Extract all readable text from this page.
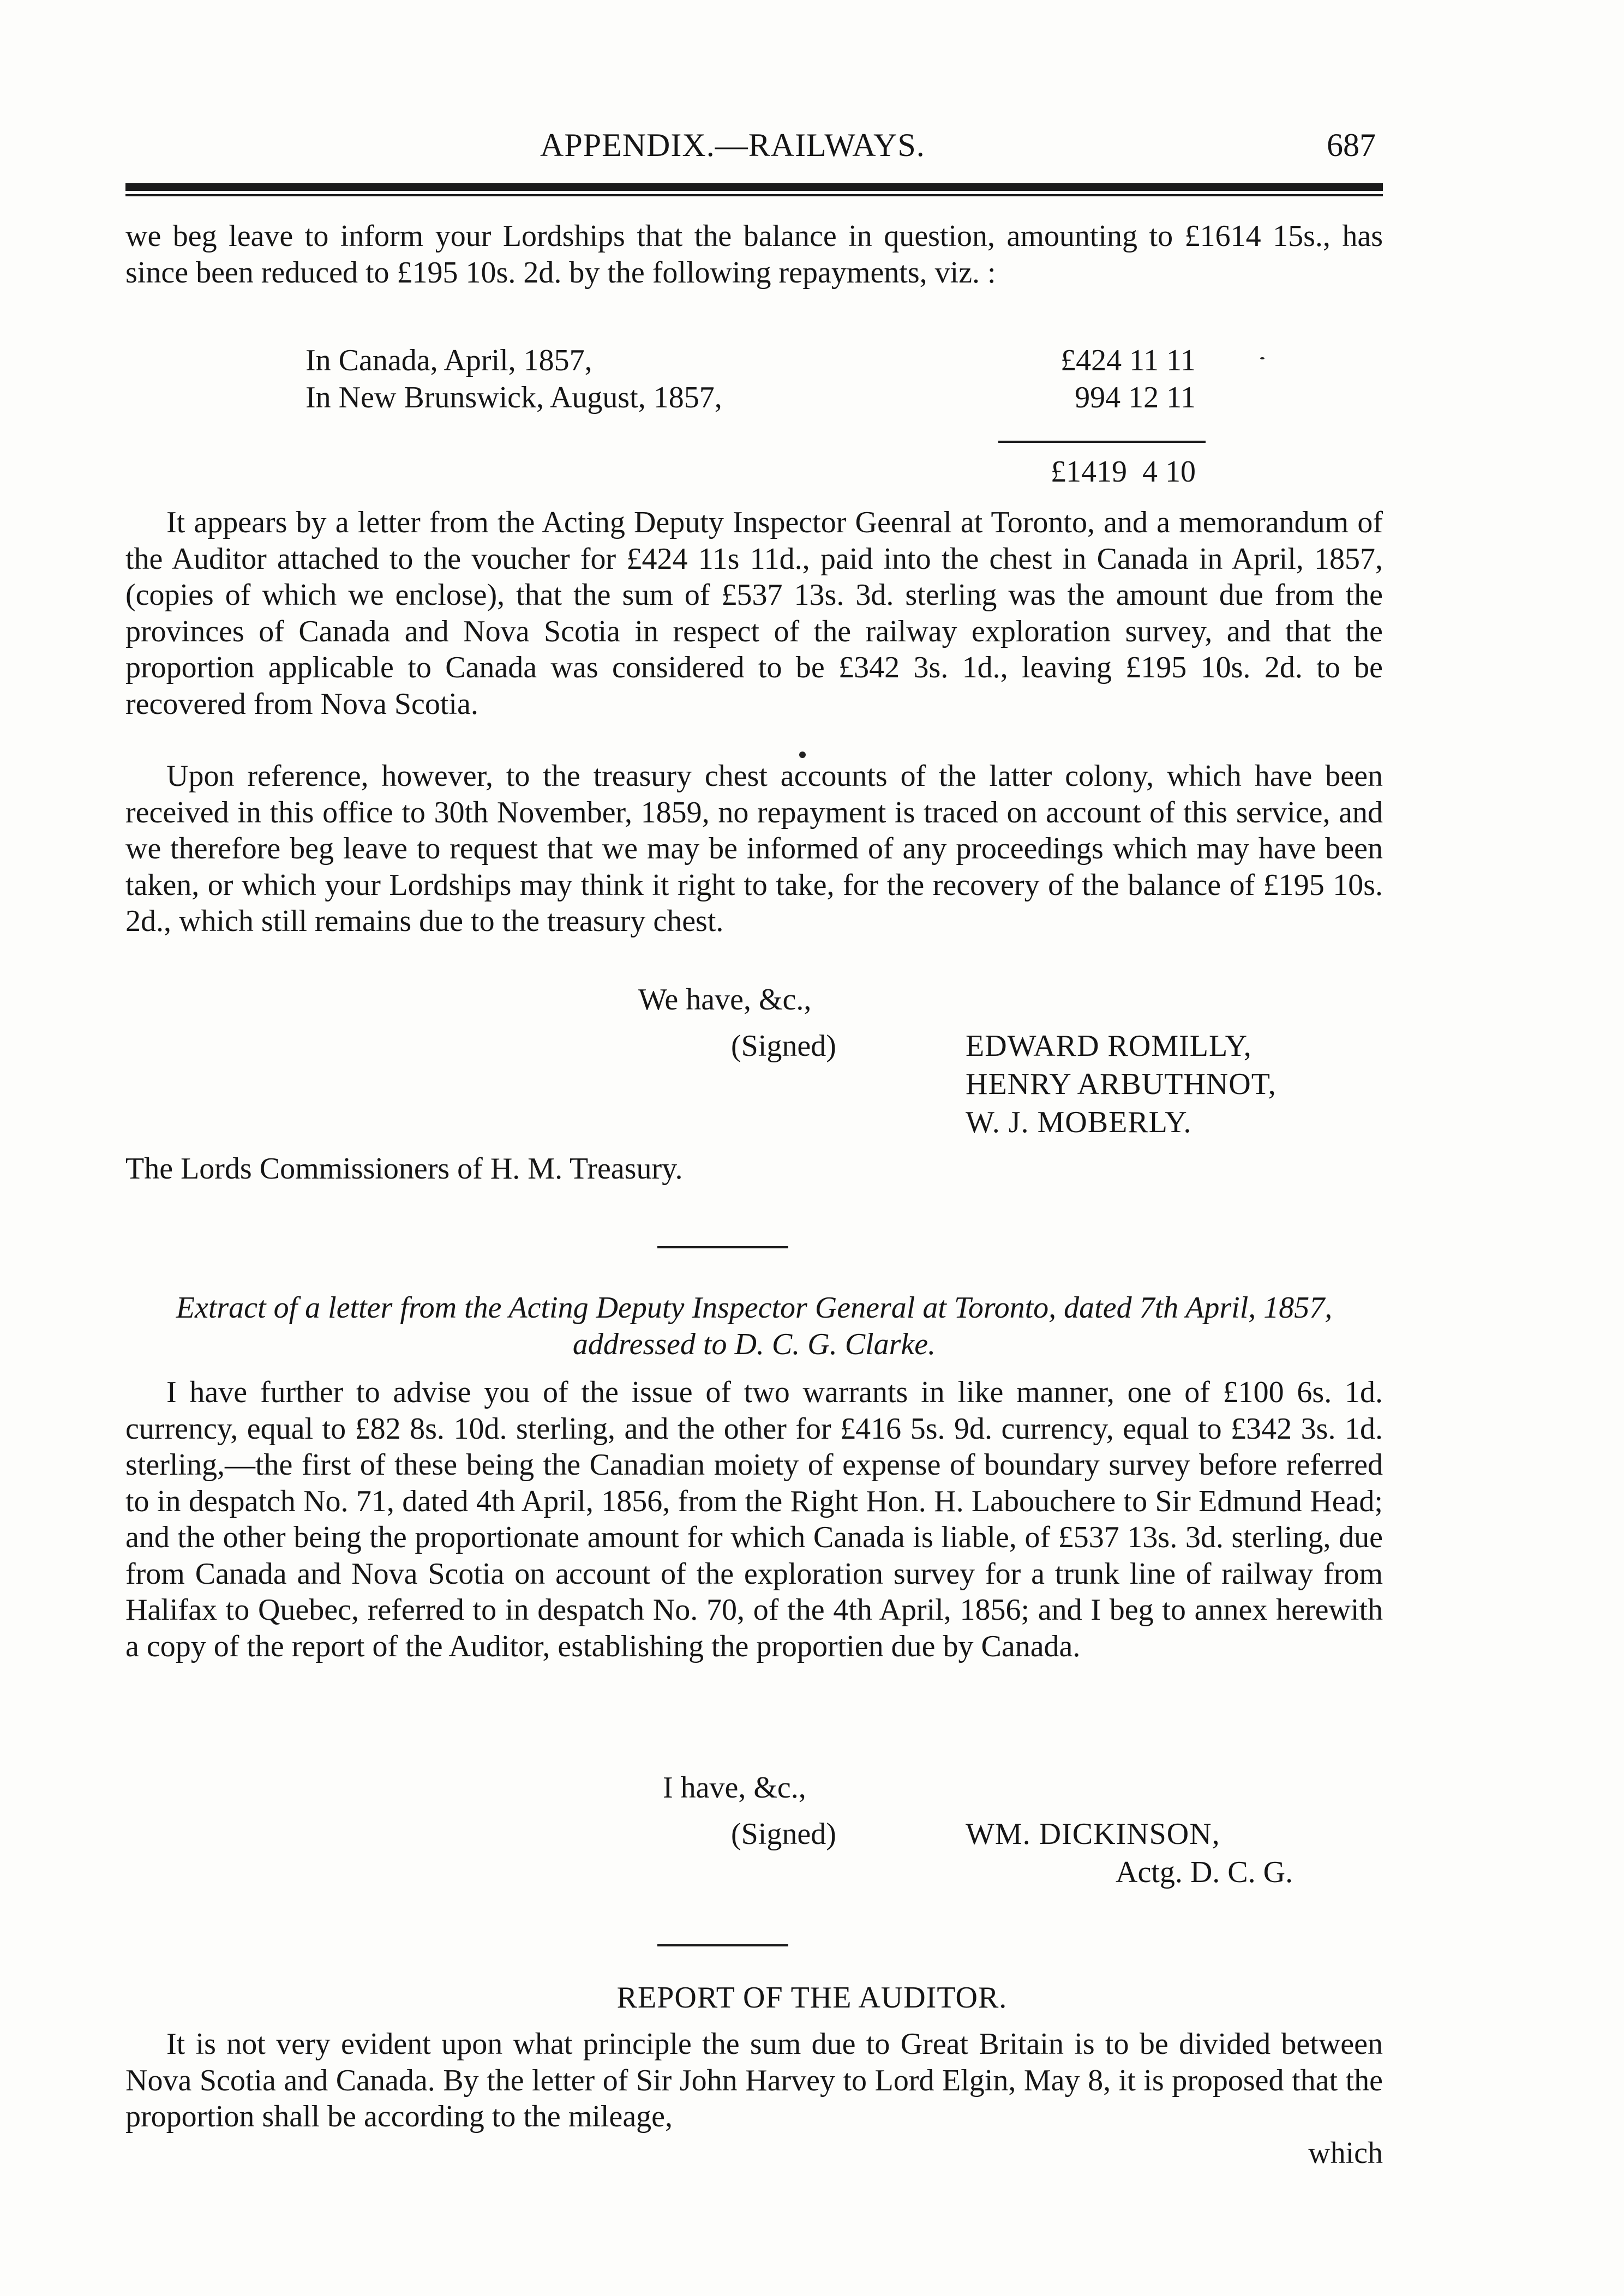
APPENDIX.—RAILWAYS.	687

we beg leave to inform your Lordships that the balance in question, amounting to £1614 15s., has since been reduced to £195 10s. 2d. by the following repayments, viz. :

In Canada, April, 1857,	£424 11 11
In New Brunswick, August, 1857,	994 12 11
£1419  4 10

It appears by a letter from the Acting Deputy Inspector Geenral at Toronto, and a memorandum of the Auditor attached to the voucher for £424 11s 11d., paid into the chest in Canada in April, 1857, (copies of which we enclose), that the sum of £537 13s. 3d. sterling was the amount due from the provinces of Canada and Nova Scotia in respect of the railway exploration survey, and that the proportion applicable to Canada was considered to be £342 3s. 1d., leaving £195 10s. 2d. to be recovered from Nova Scotia.

Upon reference, however, to the treasury chest accounts of the latter colony, which have been received in this office to 30th November, 1859, no repayment is traced on account of this service, and we therefore beg leave to request that we may be informed of any proceedings which may have been taken, or which your Lordships may think it right to take, for the recovery of the balance of £195 10s. 2d., which still remains due to the treasury chest.

We have, &c.,
(Signed)	EDWARD ROMILLY,
HENRY ARBUTHNOT,
W. J. MOBERLY.
The Lords Commissioners of H. M. Treasury.

Extract of a letter from the Acting Deputy Inspector General at Toronto, dated 7th April, 1857, addressed to D. C. G. Clarke.

I have further to advise you of the issue of two warrants in like manner, one of £100 6s. 1d. currency, equal to £82 8s. 10d. sterling, and the other for £416 5s. 9d. currency, equal to £342 3s. 1d. sterling,—the first of these being the Canadian moiety of expense of boundary survey before referred to in despatch No. 71, dated 4th April, 1856, from the Right Hon. H. Labouchere to Sir Edmund Head; and the other being the proportionate amount for which Canada is liable, of £537 13s. 3d. sterling, due from Canada and Nova Scotia on account of the exploration survey for a trunk line of railway from Halifax to Quebec, referred to in despatch No. 70, of the 4th April, 1856; and I beg to annex herewith a copy of the report of the Auditor, establishing the proportien due by Canada.

I have, &c.,
(Signed)	WM. DICKINSON,
Actg. D. C. G.
REPORT OF THE AUDITOR.

It is not very evident upon what principle the sum due to Great Britain is to be divided between Nova Scotia and Canada. By the letter of Sir John Harvey to Lord Elgin, May 8, it is proposed that the proportion shall be according to the mileage,

which
